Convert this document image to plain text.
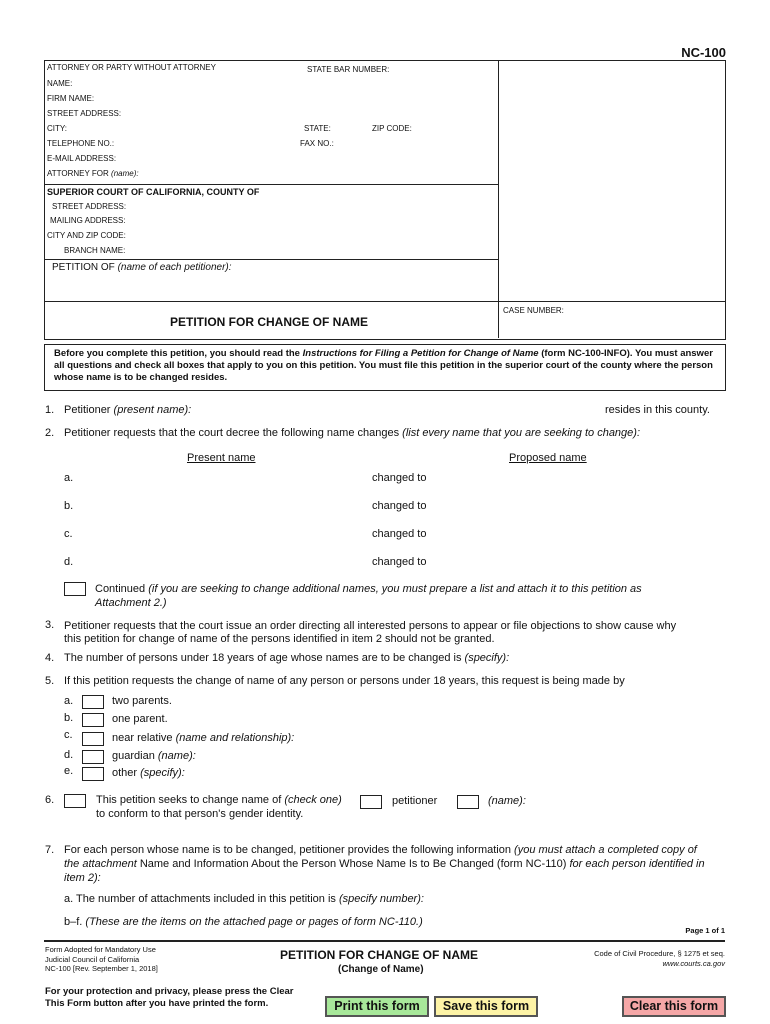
NC-100
ATTORNEY OR PARTY WITHOUT ATTORNEY	STATE BAR NUMBER:
NAME:
FIRM NAME:
STREET ADDRESS:
CITY:	STATE:	ZIP CODE:
TELEPHONE NO.:	FAX NO.:
E-MAIL ADDRESS:
ATTORNEY FOR (name):
SUPERIOR COURT OF CALIFORNIA, COUNTY OF
STREET ADDRESS:
MAILING ADDRESS:
CITY AND ZIP CODE:
BRANCH NAME:
PETITION OF (name of each petitioner):
PETITION FOR CHANGE OF NAME
CASE NUMBER:
Before you complete this petition, you should read the Instructions for Filing a Petition for Change of Name (form NC-100-INFO). You must answer all questions and check all boxes that apply to you on this petition. You must file this petition in the superior court of the county where the person whose name is to be changed resides.
1. Petitioner (present name):	resides in this county.
2. Petitioner requests that the court decree the following name changes (list every name that you are seeking to change):
Present name	Proposed name
a.	changed to
b.	changed to
c.	changed to
d.	changed to
Continued (if you are seeking to change additional names, you must prepare a list and attach it to this petition as
Attachment 2.)
3. Petitioner requests that the court issue an order directing all interested persons to appear or file objections to show cause why
this petition for change of name of the persons identified in item 2 should not be granted.
4. The number of persons under 18 years of age whose names are to be changed is (specify):
5. If this petition requests the change of name of any person or persons under 18 years, this request is being made by
a.	two parents.
b.	one parent.
c.	near relative (name and relationship):
d.	guardian (name):
e.	other (specify):
6.	This petition seeks to change name of (check one)	petitioner	(name):
to conform to that person's gender identity.
7. For each person whose name is to be changed, petitioner provides the following information (you must attach a completed copy of
the attachment Name and Information About the Person Whose Name Is to Be Changed (form NC-110) for each person identified in
item 2):
a. The number of attachments included in this petition is (specify number):
b–f. (These are the items on the attached page or pages of form NC-110.)
Page 1 of 1
Form Adopted for Mandatory Use
Judicial Council of California
NC-100 [Rev. September 1, 2018]
PETITION FOR CHANGE OF NAME
(Change of Name)
Code of Civil Procedure, § 1275 et seq.
www.courts.ca.gov
For your protection and privacy, please press the Clear
This Form button after you have printed the form.	Print this form	Save this form	Clear this form
